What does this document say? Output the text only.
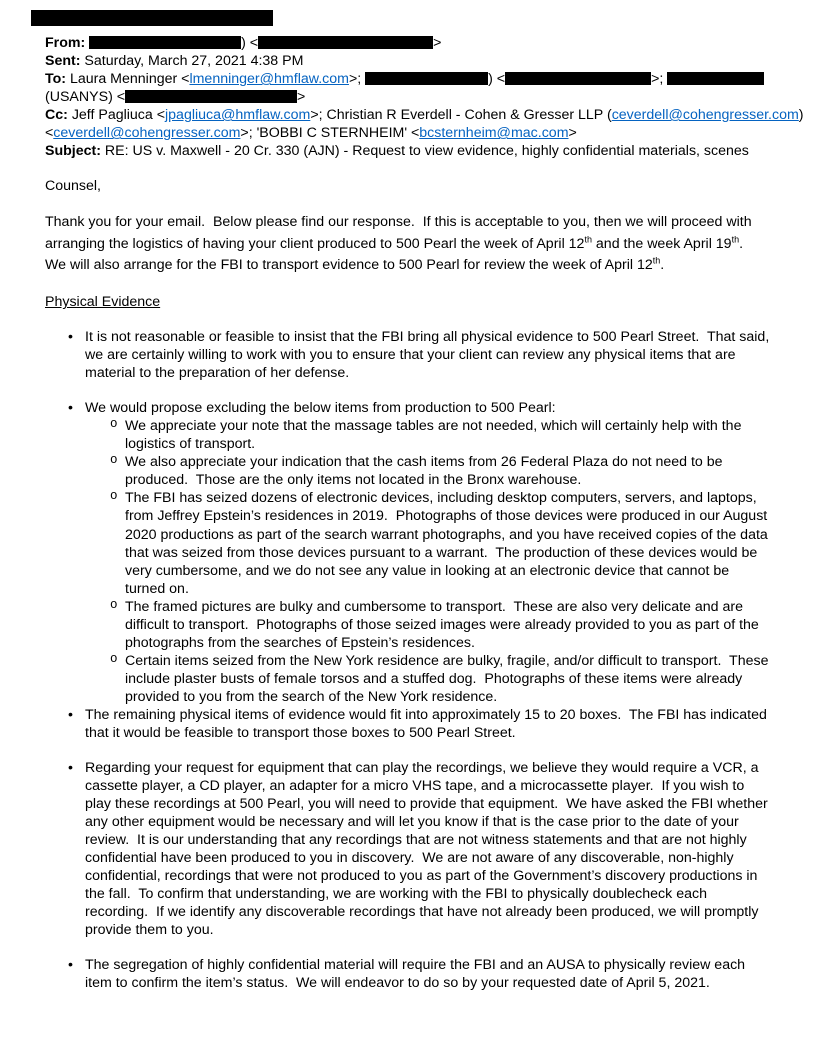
From:	) <	>
Sent: Saturday, March 27, 2021 4:38 PM
To: Laura Menninger <lmenninger@hmflaw.com>;	) <	>;
(USANYS) <	>
Cc: Jeff Pagliuca <jpagliuca@hmflaw.com>; Christian R Everdell - Cohen & Gresser LLP (ceverdell@cohengresser.com)
<ceverdell@cohengresser.com>; 'BOBBI C STERNHEIM' <bcsternheim@mac.com>
Subject: RE: US v. Maxwell - 20 Cr. 330 (AJN) - Request to view evidence, highly confidential materials, scenes
Counsel,
Thank you for your email.  Below please find our response.  If this is acceptable to you, then we will proceed with arranging the logistics of having your client produced to 500 Pearl the week of April 12th and the week April 19th.  We will also arrange for the FBI to transport evidence to 500 Pearl for review the week of April 12th.
Physical Evidence
• It is not reasonable or feasible to insist that the FBI bring all physical evidence to 500 Pearl Street.  That said, we are certainly willing to work with you to ensure that your client can review any physical items that are material to the preparation of her defense.
• We would propose excluding the below items from production to 500 Pearl:
o We appreciate your note that the massage tables are not needed, which will certainly help with the logistics of transport.
o We also appreciate your indication that the cash items from 26 Federal Plaza do not need to be produced.  Those are the only items not located in the Bronx warehouse.
o The FBI has seized dozens of electronic devices, including desktop computers, servers, and laptops, from Jeffrey Epstein’s residences in 2019.  Photographs of those devices were produced in our August 2020 productions as part of the search warrant photographs, and you have received copies of the data that was seized from those devices pursuant to a warrant.  The production of these devices would be very cumbersome, and we do not see any value in looking at an electronic device that cannot be turned on.
o The framed pictures are bulky and cumbersome to transport.  These are also very delicate and are difficult to transport.  Photographs of those seized images were already provided to you as part of the photographs from the searches of Epstein’s residences.
o Certain items seized from the New York residence are bulky, fragile, and/or difficult to transport.  These include plaster busts of female torsos and a stuffed dog.  Photographs of these items were already provided to you from the search of the New York residence.
• The remaining physical items of evidence would fit into approximately 15 to 20 boxes.  The FBI has indicated that it would be feasible to transport those boxes to 500 Pearl Street.
• Regarding your request for equipment that can play the recordings, we believe they would require a VCR, a cassette player, a CD player, an adapter for a micro VHS tape, and a microcassette player.  If you wish to play these recordings at 500 Pearl, you will need to provide that equipment.  We have asked the FBI whether any other equipment would be necessary and will let you know if that is the case prior to the date of your review.  It is our understanding that any recordings that are not witness statements and that are not highly confidential have been produced to you in discovery.  We are not aware of any discoverable, non-highly confidential, recordings that were not produced to you as part of the Government’s discovery productions in the fall.  To confirm that understanding, we are working with the FBI to physically doublecheck each recording.  If we identify any discoverable recordings that have not already been produced, we will promptly provide them to you.
• The segregation of highly confidential material will require the FBI and an AUSA to physically review each item to confirm the item’s status.  We will endeavor to do so by your requested date of April 5, 2021.
